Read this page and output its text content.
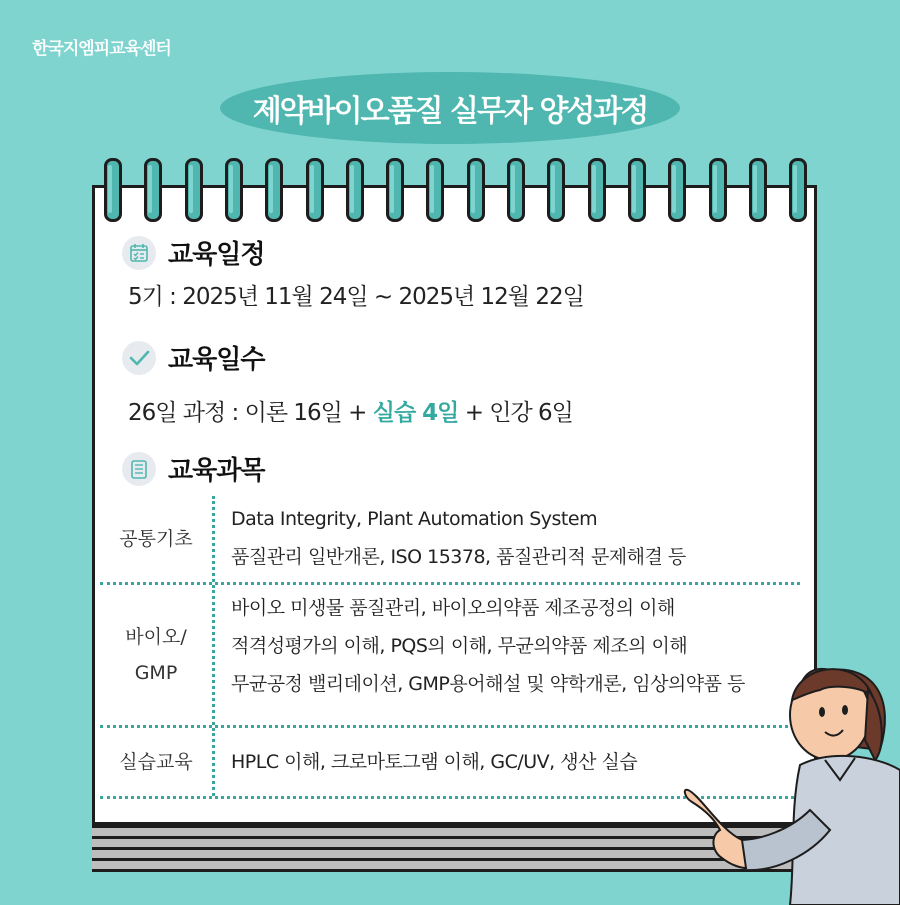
한국지엠피교육센터
제약바이오품질 실무자 양성과정
교육일정
5기 : 2025년 11월 24일 ~ 2025년 12월 22일
교육일수
26일 과정 : 이론 16일 + 실습 4일 + 인강 6일
교육과목
공통기초
Data Integrity, Plant Automation System
품질관리 일반개론, ISO 15378, 품질관리적 문제해결 등
바이오/
GMP
바이오 미생물 품질관리, 바이오의약품 제조공정의 이해
적격성평가의 이해, PQS의 이해, 무균의약품 제조의 이해
무균공정 밸리데이션, GMP용어해설 및 약학개론, 임상의약품 등
실습교육 HPLC 이해, 크로마토그램 이해, GC/UV, 생산 실습
